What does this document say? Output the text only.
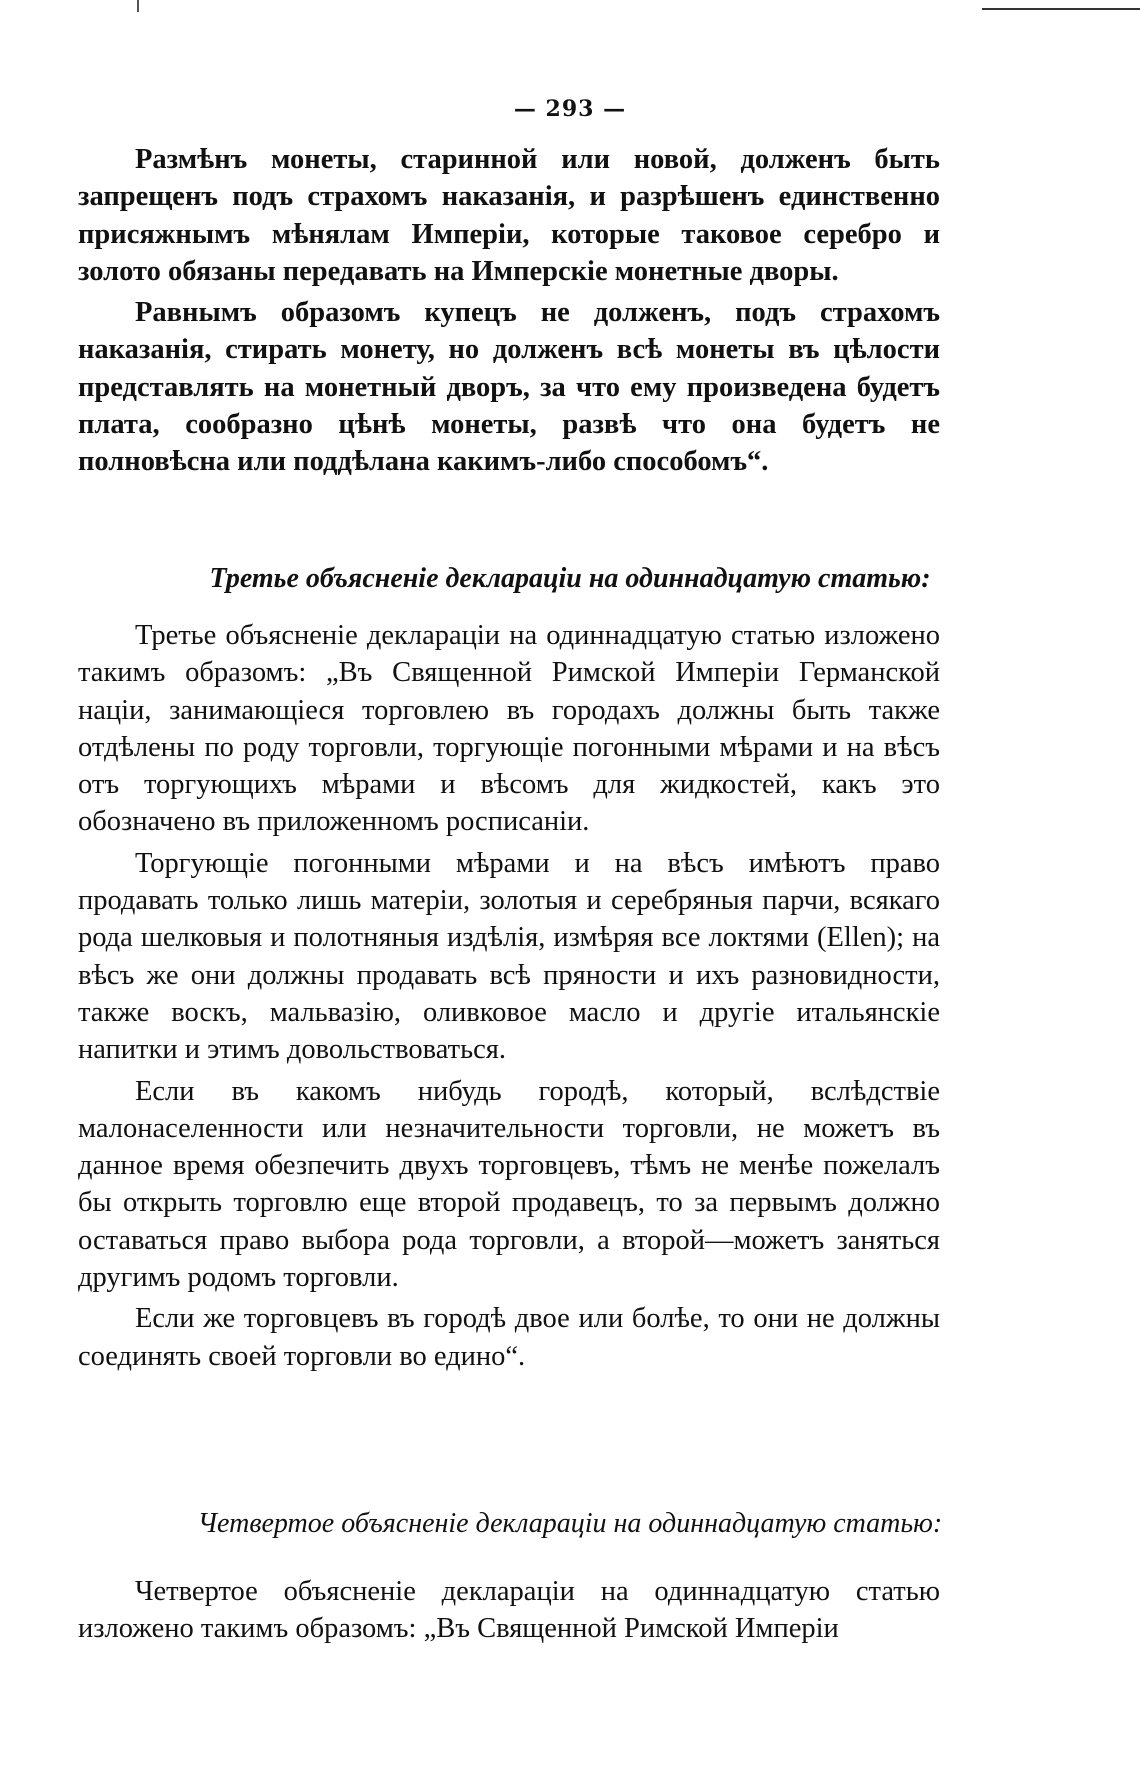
— 293 —

Размѣнъ монеты, старинной или новой, долженъ быть запрещенъ подъ страхомъ наказанія, и разрѣшенъ единственно присяжнымъ мѣнялам Имперіи, которые таковое серебро и золото обязаны передавать на Имперскіе монетные дворы.

Равнымъ образомъ купецъ не долженъ, подъ страхомъ наказанія, стирать монету, но долженъ всѣ монеты въ цѣлости представлять на монетный дворъ, за что ему произведена будетъ плата, сообразно цѣнѣ монеты, развѣ что она будетъ не полновѣсна или поддѣлана какимъ-либо способомъ“.

Третье объясненіе декларацiи на одиннадцатую статью:

Третье объясненіе декларацiи на одиннадцатую статью изложено такимъ образомъ: „Въ Священной Римской Имперіи Германской націи, занимающіеся торговлею въ городахъ должны быть также отдѣлены по роду торговли, торгующіе погонными мѣрами и на вѣсъ отъ торгующихъ мѣрами и вѣсомъ для жидкостей, какъ это обозначено въ приложенномъ росписаніи.

Торгующіе погонными мѣрами и на вѣсъ имѣютъ право продавать только лишь матеріи, золотыя и серебряныя парчи, всякаго рода шелковыя и полотняныя издѣлія, измѣряя все локтями (Ellen); на вѣсъ же они должны продавать всѣ пряности и ихъ разновидности, также воскъ, мальвазію, оливковое масло и другіе итальянскіе напитки и этимъ довольствоваться.

Если въ какомъ нибудь городѣ, который, вслѣдствіе малонаселенности или незначительности торговли, не можетъ въ данное время обезпечить двухъ торговцевъ, тѣмъ не менѣе пожелалъ бы открыть торговлю еще второй продавецъ, то за первымъ должно оставаться право выбора рода торговли, а второй—можетъ заняться другимъ родомъ торговли.

Если же торговцевъ въ городѣ двое или болѣе, то они не должны соединять своей торговли во едино“.

Четвертое объясненіе декларацiи на одиннадцатую статью:

Четвертое объясненіе декларацiи на одиннадцатую статью изложено такимъ образомъ: „Въ Священной Римской Имперіи
